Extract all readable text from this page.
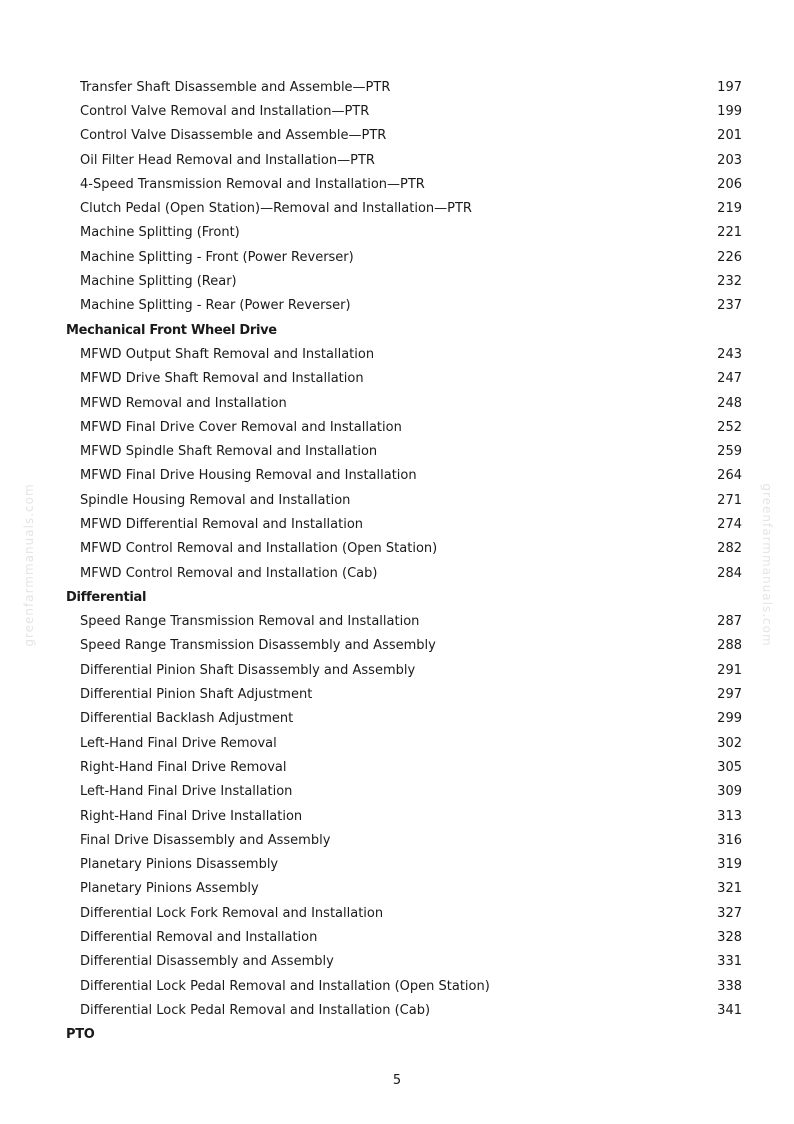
greenfarmmanuals.com	greenfarmmanuals.com
Transfer Shaft Disassemble and Assemble—PTR	197
Control Valve Removal and Installation—PTR	199
Control Valve Disassemble and Assemble—PTR	201
Oil Filter Head Removal and Installation—PTR	203
4-Speed Transmission Removal and Installation—PTR	206
Clutch Pedal (Open Station)—Removal and Installation—PTR	219
Machine Splitting (Front)	221
Machine Splitting - Front (Power Reverser)	226
Machine Splitting (Rear)	232
Machine Splitting - Rear (Power Reverser)	237
Mechanical Front Wheel Drive
MFWD Output Shaft Removal and Installation	243
MFWD Drive Shaft Removal and Installation	247
MFWD Removal and Installation	248
MFWD Final Drive Cover Removal and Installation	252
MFWD Spindle Shaft Removal and Installation	259
MFWD Final Drive Housing Removal and Installation	264
Spindle Housing Removal and Installation	271
MFWD Differential Removal and Installation	274
MFWD Control Removal and Installation (Open Station)	282
MFWD Control Removal and Installation (Cab)	284
Differential
Speed Range Transmission Removal and Installation	287
Speed Range Transmission Disassembly and Assembly	288
Differential Pinion Shaft Disassembly and Assembly	291
Differential Pinion Shaft Adjustment	297
Differential Backlash Adjustment	299
Left-Hand Final Drive Removal	302
Right-Hand Final Drive Removal	305
Left-Hand Final Drive Installation	309
Right-Hand Final Drive Installation	313
Final Drive Disassembly and Assembly	316
Planetary Pinions Disassembly	319
Planetary Pinions Assembly	321
Differential Lock Fork Removal and Installation	327
Differential Removal and Installation	328
Differential Disassembly and Assembly	331
Differential Lock Pedal Removal and Installation (Open Station)	338
Differential Lock Pedal Removal and Installation (Cab)	341
PTO
5
